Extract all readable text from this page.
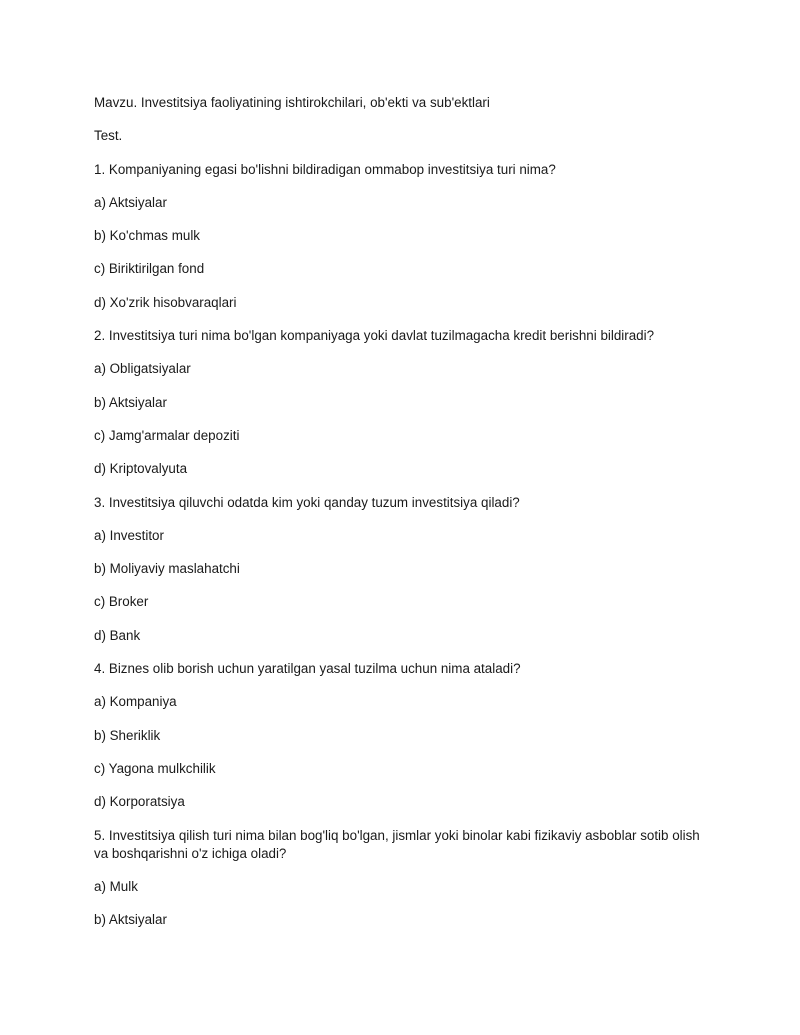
Mavzu. Investitsiya faoliyatining ishtirokchilari, ob'ekti va sub'ektlari

Test.

1. Kompaniyaning egasi bo'lishni bildiradigan ommabop investitsiya turi nima?

a) Aktsiyalar

b) Ko'chmas mulk

c) Biriktirilgan fond

d) Xo'zrik hisobvaraqlari

2. Investitsiya turi nima bo'lgan kompaniyaga yoki davlat tuzilmagacha kredit berishni bildiradi?

a) Obligatsiyalar

b) Aktsiyalar

c) Jamg'armalar depoziti

d) Kriptovalyuta

3. Investitsiya qiluvchi odatda kim yoki qanday tuzum investitsiya qiladi?

a) Investitor

b) Moliyaviy maslahatchi

c) Broker

d) Bank

4. Biznes olib borish uchun yaratilgan yasal tuzilma uchun nima ataladi?

a) Kompaniya

b) Sheriklik

c) Yagona mulkchilik

d) Korporatsiya

5. Investitsiya qilish turi nima bilan bog'liq bo'lgan, jismlar yoki binolar kabi fizikaviy asboblar sotib olish va boshqarishni o'z ichiga oladi?

a) Mulk

b) Aktsiyalar
